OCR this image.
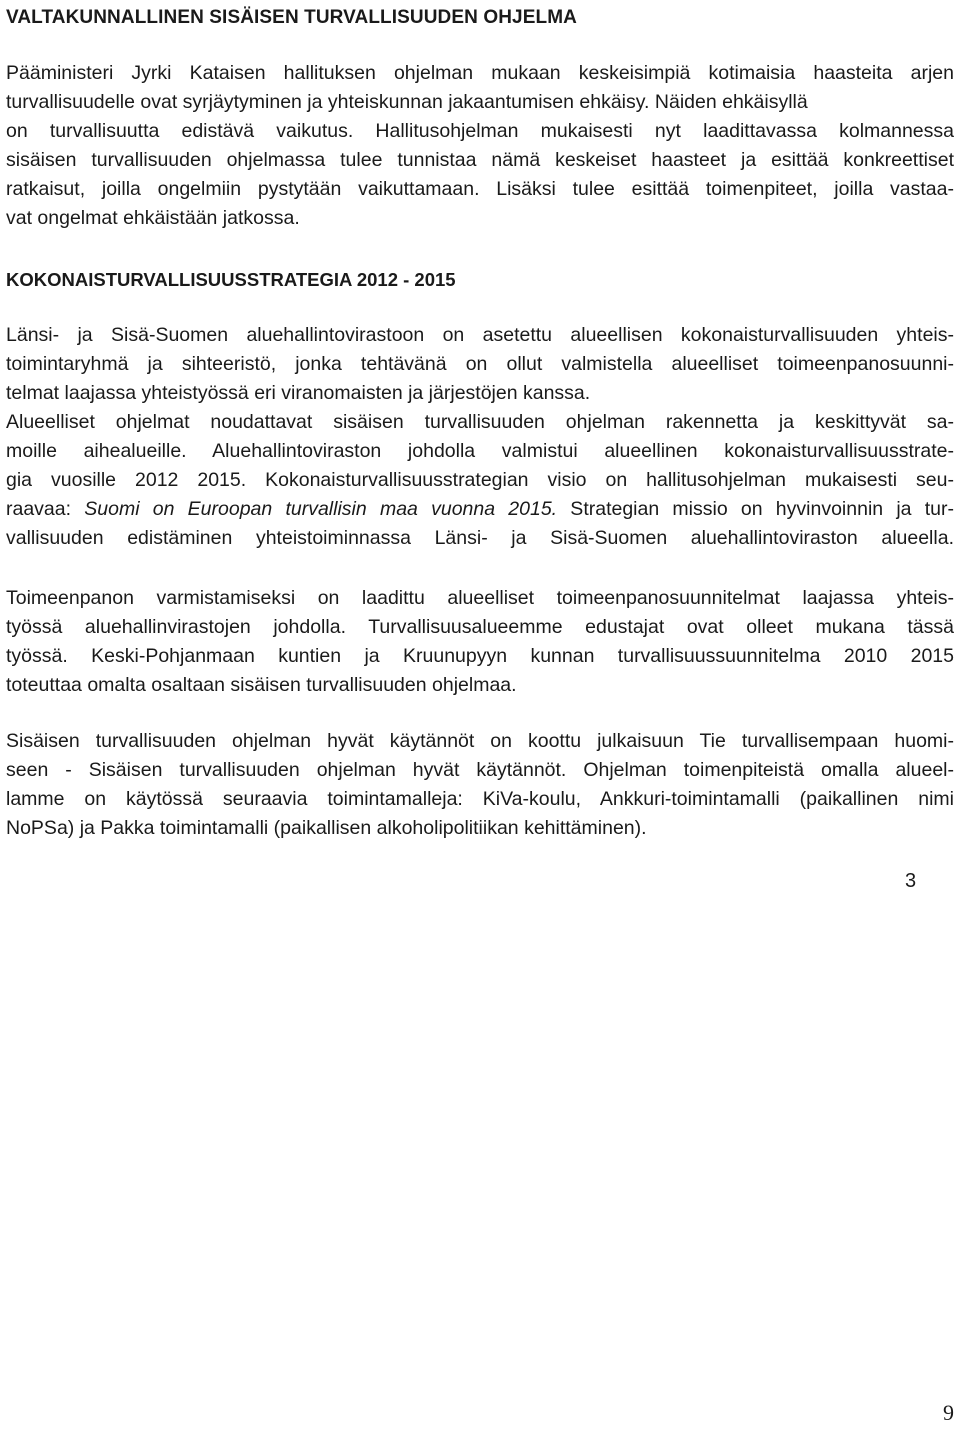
VALTAKUNNALLINEN SISÄISEN TURVALLISUUDEN OHJELMA
Pääministeri Jyrki Kataisen hallituksen ohjelman mukaan keskeisimpiä kotimaisia haasteita arjen
turvallisuudelle ovat syrjäytyminen ja yhteiskunnan jakaantumisen ehkäisy. Näiden ehkäisyllä
on turvallisuutta edistävä vaikutus. Hallitusohjelman mukaisesti nyt laadittavassa kolmannessa
sisäisen turvallisuuden ohjelmassa tulee tunnistaa nämä keskeiset haasteet ja esittää konkreettiset
ratkaisut, joilla ongelmiin pystytään vaikuttamaan. Lisäksi tulee esittää toimenpiteet, joilla vastaa-
vat ongelmat ehkäistään jatkossa.
KOKONAISTURVALLISUUSSTRATEGIA 2012 - 2015
Länsi- ja Sisä-Suomen aluehallintovirastoon on asetettu alueellisen kokonaisturvallisuuden yhteis-
toimintaryhmä ja sihteeristö, jonka tehtävänä on ollut valmistella alueelliset toimeenpanosuunni-
telmat laajassa yhteistyössä eri viranomaisten ja järjestöjen kanssa.
Alueelliset ohjelmat noudattavat sisäisen turvallisuuden ohjelman rakennetta ja keskittyvät sa-
moille aihealueille. Aluehallintoviraston johdolla valmistui alueellinen kokonaisturvallisuusstrate-
gia vuosille 2012 2015. Kokonaisturvallisuusstrategian visio on hallitusohjelman mukaisesti seu-
raavaa: Suomi on Euroopan turvallisin maa vuonna 2015. Strategian missio on hyvinvoinnin ja tur-
vallisuuden edistäminen yhteistoiminnassa Länsi- ja Sisä-Suomen aluehallintoviraston alueella.
Toimeenpanon varmistamiseksi on laadittu alueelliset toimeenpanosuunnitelmat laajassa yhteis-
työssä aluehallinvirastojen johdolla. Turvallisuusalueemme edustajat ovat olleet mukana tässä
työssä. Keski-Pohjanmaan kuntien ja Kruunupyyn kunnan turvallisuussuunnitelma 2010 2015
toteuttaa omalta osaltaan sisäisen turvallisuuden ohjelmaa.
Sisäisen turvallisuuden ohjelman hyvät käytännöt on koottu julkaisuun Tie turvallisempaan huomi-
seen - Sisäisen turvallisuuden ohjelman hyvät käytännöt. Ohjelman toimenpiteistä omalla alueel-
lamme on käytössä seuraavia toimintamalleja: KiVa-koulu, Ankkuri-toimintamalli (paikallinen nimi
NoPSa) ja Pakka toimintamalli (paikallisen alkoholipolitiikan kehittäminen).
3
9
